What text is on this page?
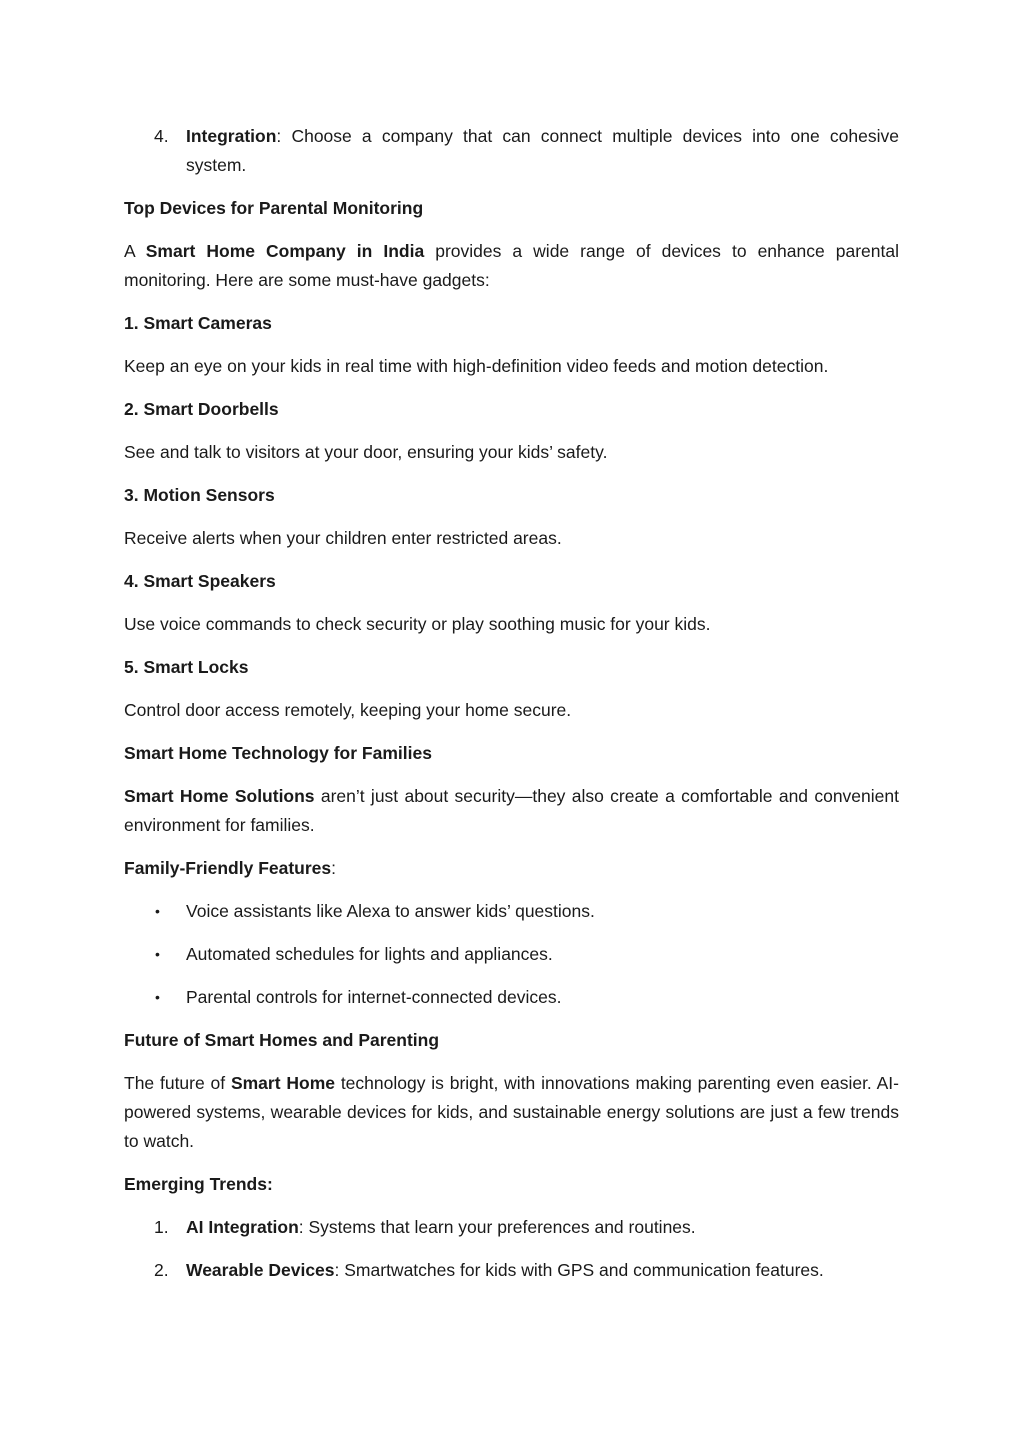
4. Integration: Choose a company that can connect multiple devices into one cohesive system.

Top Devices for Parental Monitoring

A Smart Home Company in India provides a wide range of devices to enhance parental monitoring. Here are some must-have gadgets:

1. Smart Cameras

Keep an eye on your kids in real time with high-definition video feeds and motion detection.

2. Smart Doorbells

See and talk to visitors at your door, ensuring your kids’ safety.

3. Motion Sensors

Receive alerts when your children enter restricted areas.

4. Smart Speakers

Use voice commands to check security or play soothing music for your kids.

5. Smart Locks

Control door access remotely, keeping your home secure.

Smart Home Technology for Families

Smart Home Solutions aren’t just about security—they also create a comfortable and convenient environment for families.

Family-Friendly Features:

• Voice assistants like Alexa to answer kids’ questions.
• Automated schedules for lights and appliances.
• Parental controls for internet-connected devices.

Future of Smart Homes and Parenting

The future of Smart Home technology is bright, with innovations making parenting even easier. AI-powered systems, wearable devices for kids, and sustainable energy solutions are just a few trends to watch.

Emerging Trends:

1. AI Integration: Systems that learn your preferences and routines.
2. Wearable Devices: Smartwatches for kids with GPS and communication features.
